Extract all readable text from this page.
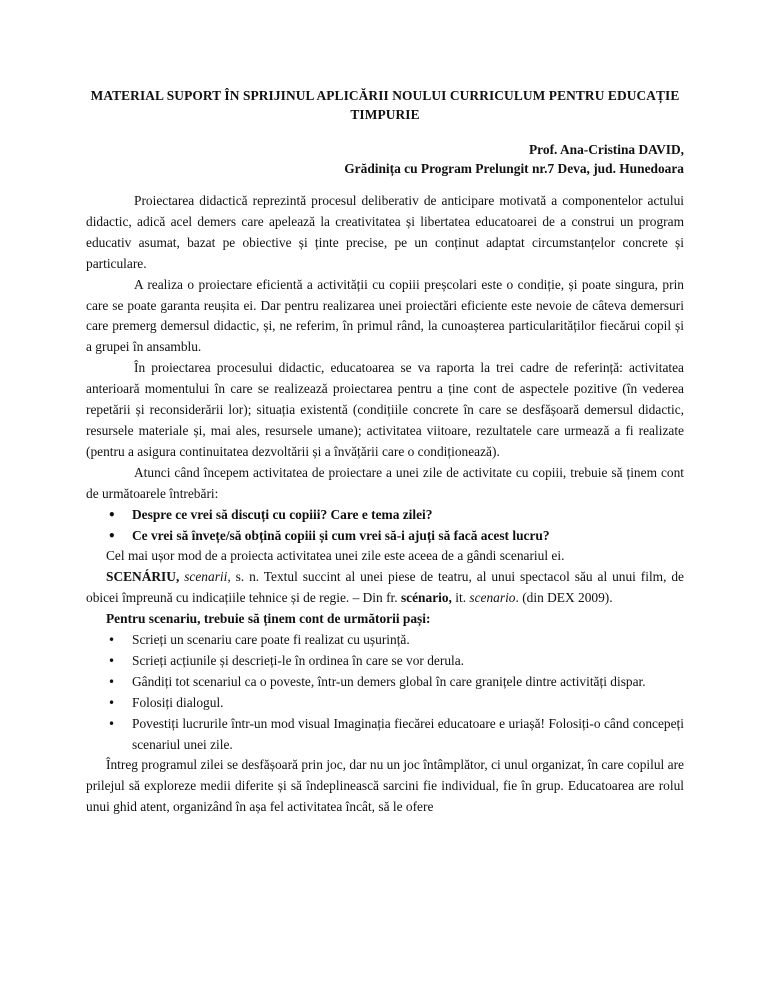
MATERIAL SUPORT ÎN SPRIJINUL APLICĂRII NOULUI CURRICULUM PENTRU EDUCAȚIE TIMPURIE
Prof. Ana-Cristina DAVID,
Grădinița cu Program Prelungit nr.7 Deva, jud. Hunedoara

Proiectarea didactică reprezintă procesul deliberativ de anticipare motivată a componentelor actului didactic, adică acel demers care apelează la creativitatea și libertatea educatoarei de a construi un program educativ asumat, bazat pe obiective și ținte precise, pe un conținut adaptat circumstanțelor concrete și particulare.

A realiza o proiectare eficientă a activității cu copiii preșcolari este o condiție, și poate singura, prin care se poate garanta reușita ei. Dar pentru realizarea unei proiectări eficiente este nevoie de câteva demersuri care premerg demersul didactic, și, ne referim, în primul rând, la cunoașterea particularităților fiecărui copil și a grupei în ansamblu.

În proiectarea procesului didactic, educatoarea se va raporta la trei cadre de referință: activitatea anterioară momentului în care se realizează proiectarea pentru a ține cont de aspectele pozitive (în vederea repetării și reconsiderării lor); situația existentă (condițiile concrete în care se desfășoară demersul didactic, resursele materiale și, mai ales, resursele umane); activitatea viitoare, rezultatele care urmează a fi realizate (pentru a asigura continuitatea dezvoltării și a învățării care o condiționează).

Atunci când începem activitatea de proiectare a unei zile de activitate cu copiii, trebuie să ținem cont de următoarele întrebări:

• Despre ce vrei să discuți cu copiii? Care e tema zilei?
• Ce vrei să învețe/să obțină copiii și cum vrei să-i ajuți să facă acest lucru?

Cel mai ușor mod de a proiecta activitatea unei zile este aceea de a gândi scenariul ei.

SCENÁRIU, scenarii, s. n. Textul succint al unei piese de teatru, al unui spectacol său al unui film, de obicei împreună cu indicațiile tehnice și de regie. – Din fr. scénario, it. scenario. (din DEX 2009).

Pentru scenariu, trebuie să ținem cont de următorii pași:

• Scrieți un scenariu care poate fi realizat cu ușurință.
• Scrieți acțiunile și descrieți-le în ordinea în care se vor derula.
• Gândiți tot scenariul ca o poveste, într-un demers global în care granițele dintre activități dispar.
• Folosiți dialogul.
• Povestiți lucrurile într-un mod visual Imaginația fiecărei educatoare e uriașă! Folosiți-o când concepeți scenariul unei zile.

Întreg programul zilei se desfășoară prin joc, dar nu un joc întâmplător, ci unul organizat, în care copilul are prilejul să exploreze medii diferite și să îndeplinească sarcini fie individual, fie în grup. Educatoarea are rolul unui ghid atent, organizând în așa fel activitatea încât, să le ofere
